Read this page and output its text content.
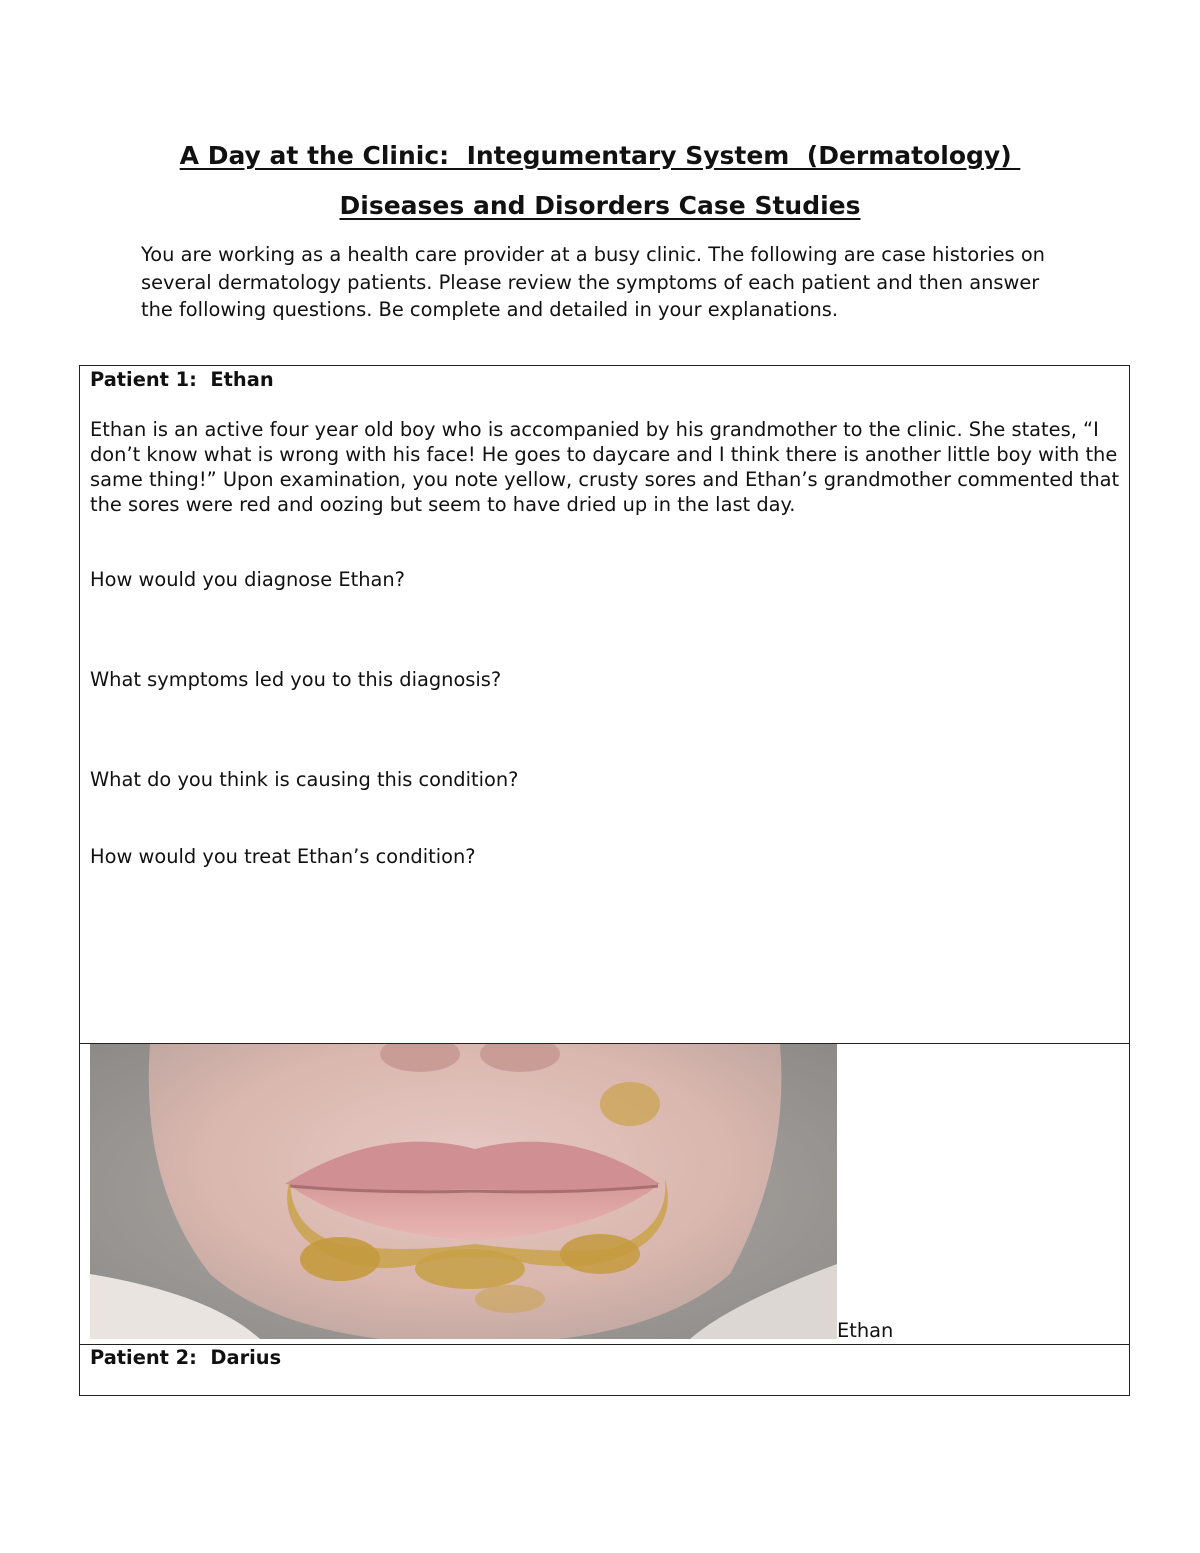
A Day at the Clinic:  Integumentary System  (Dermatology)
Diseases and Disorders Case Studies

You are working as a health care provider at a busy clinic. The following are case histories on several dermatology patients. Please review the symptoms of each patient and then answer the following questions. Be complete and detailed in your explanations.

Patient 1:  Ethan

Ethan is an active four year old boy who is accompanied by his grandmother to the clinic. She states, “I don’t know what is wrong with his face! He goes to daycare and I think there is another little boy with the same thing!” Upon examination, you note yellow, crusty sores and Ethan’s grandmother commented that the sores were red and oozing but seem to have dried up in the last day.

How would you diagnose Ethan?

What symptoms led you to this diagnosis?

What do you think is causing this condition?

How would you treat Ethan’s condition?

Ethan

Patient 2:  Darius
